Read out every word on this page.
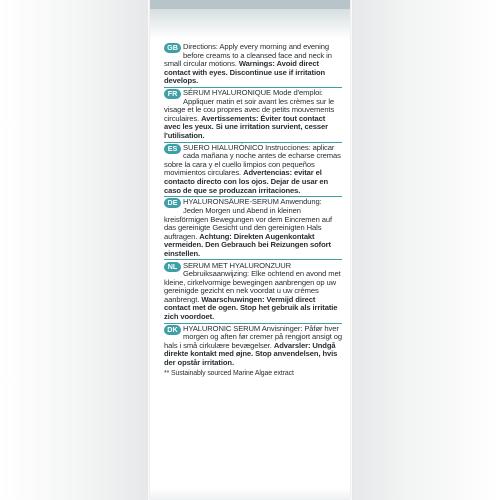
GB Directions: Apply every morning and evening before creams to a cleansed face and neck in small circular motions. Warnings: Avoid direct contact with eyes. Discontinue use if irritation develops.
FR SÉRUM HYALURONIQUE Mode d'emploi: Appliquer matin et soir avant les crèmes sur le visage et le cou propres avec de petits mouvements circulaires. Avertissements: Éviter tout contact avec les yeux. Si une irritation survient, cesser l'utilisation.
ES SUERO HIALURÓNICO Instrucciones: aplicar cada mañana y noche antes de echarse cremas sobre la cara y el cuello limpios con pequeños movimientos circulares. Advertencias: evitar el contacto directo con los ojos. Dejar de usar en caso de que se produzcan irritaciones.
DE HYALURONSÄURE-SERUM Anwendung: Jeden Morgen und Abend in kleinen kreisförmigen Bewegungen vor dem Eincremen auf das gereinigte Gesicht und den gereinigten Hals auftragen. Achtung: Direkten Augenkontakt vermeiden. Den Gebrauch bei Reizungen sofort einstellen.
NL SERUM MET HYALURONZUUR Gebruiksaanwijzing: Elke ochtend en avond met kleine, cirkelvormige bewegingen aanbrengen op uw gereinigde gezicht en nek voordat u uw crèmes aanbrengt. Waarschuwingen: Vermijd direct contact met de ogen. Stop het gebruik als irritatie zich voordoet.
DK HYALURONIC SERUM Anvisninger: Påfør hver morgen og aften før cremer på rengjort ansigt og hals i små cirkulære bevægelser. Advarsler: Undgå direkte kontakt med øjne. Stop anvendelsen, hvis der opstår irritation.
** Sustainably sourced Marine Algae extract
